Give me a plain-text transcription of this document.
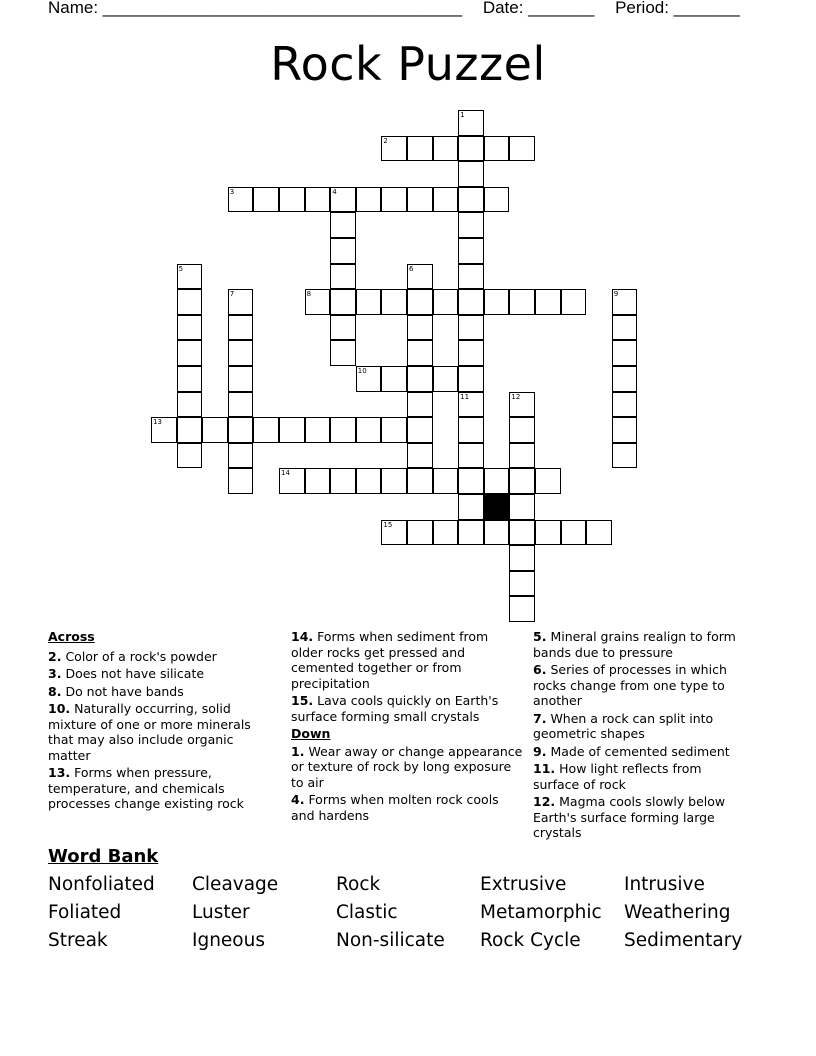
Name: ______________________________________ Date: _______ Period: _______
Rock Puzzel
1
2
3	4
5	6
7	8	9
10
11	12
13
14
15
Across
2. Color of a rock's powder
3. Does not have silicate
8. Do not have bands
10. Naturally occurring, solid mixture of one or more minerals that may also include organic matter
13. Forms when pressure, temperature, and chemicals processes change existing rock
14. Forms when sediment from older rocks get pressed and cemented together or from precipitation
15. Lava cools quickly on Earth's surface forming small crystals
Down
1. Wear away or change appearance or texture of rock by long exposure to air
4. Forms when molten rock cools and hardens
5. Mineral grains realign to form bands due to pressure
6. Series of processes in which rocks change from one type to another
7. When a rock can split into geometric shapes
9. Made of cemented sediment
11. How light reflects from surface of rock
12. Magma cools slowly below Earth's surface forming large crystals
Word Bank
Nonfoliated	Cleavage	Rock	Extrusive	Intrusive
Foliated	Luster	Clastic	Metamorphic	Weathering
Streak	Igneous	Non-silicate	Rock Cycle	Sedimentary
